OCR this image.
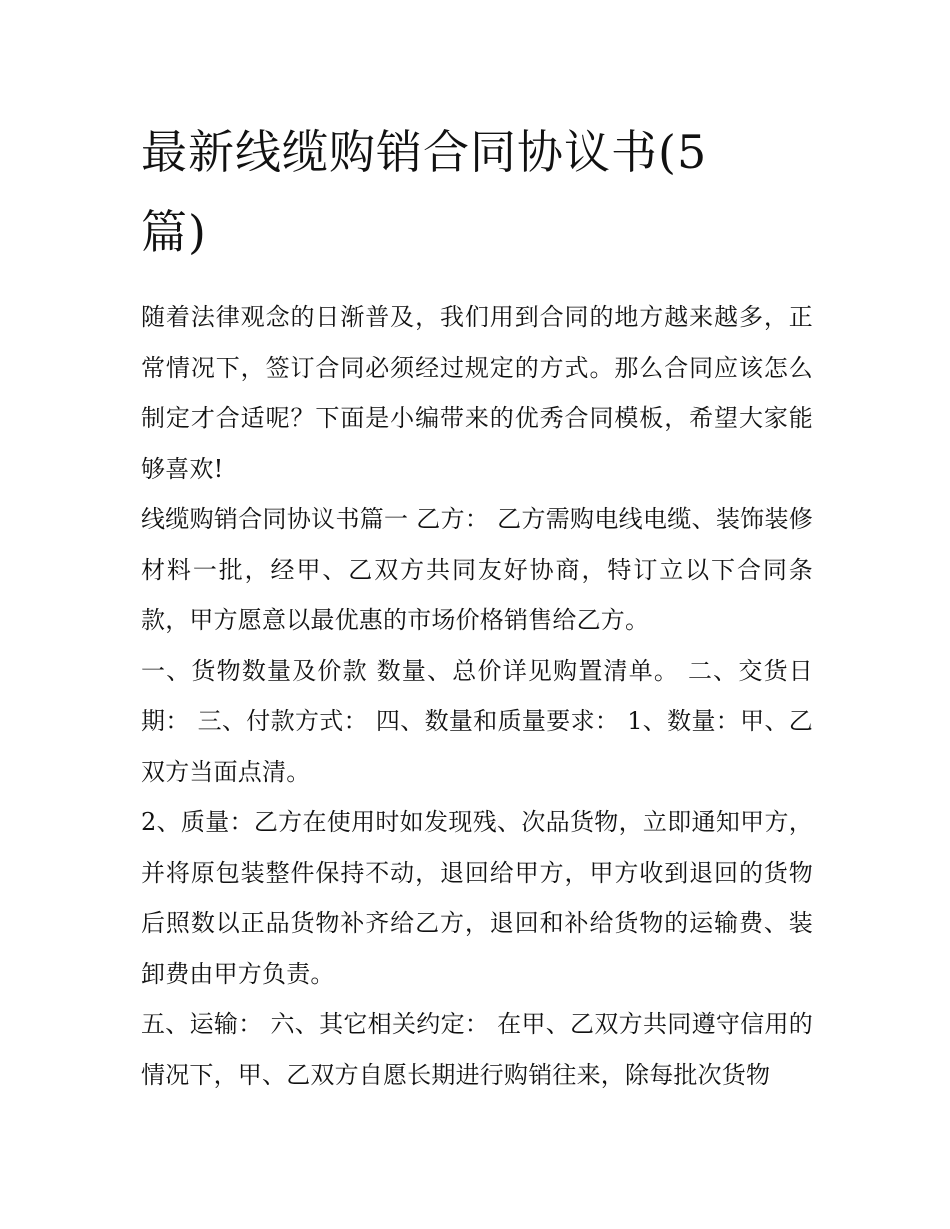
最新线缆购销合同协议书(5篇)

随着法律观念的日渐普及，我们用到合同的地方越来越多，正常情况下，签订合同必须经过规定的方式。那么合同应该怎么制定才合适呢？下面是小编带来的优秀合同模板，希望大家能够喜欢!

线缆购销合同协议书篇一 乙方： 乙方需购电线电缆、装饰装修材料一批，经甲、乙双方共同友好协商，特订立以下合同条款，甲方愿意以最优惠的市场价格销售给乙方。

一、货物数量及价款 数量、总价详见购置清单。 二、交货日期： 三、付款方式： 四、数量和质量要求： 1、数量：甲、乙双方当面点清。

2、质量：乙方在使用时如发现残、次品货物，立即通知甲方，并将原包装整件保持不动，退回给甲方，甲方收到退回的货物后照数以正品货物补齐给乙方，退回和补给货物的运输费、装卸费由甲方负责。

五、运输： 六、其它相关约定： 在甲、乙双方共同遵守信用的情况下，甲、乙双方自愿长期进行购销往来，除每批次货物
